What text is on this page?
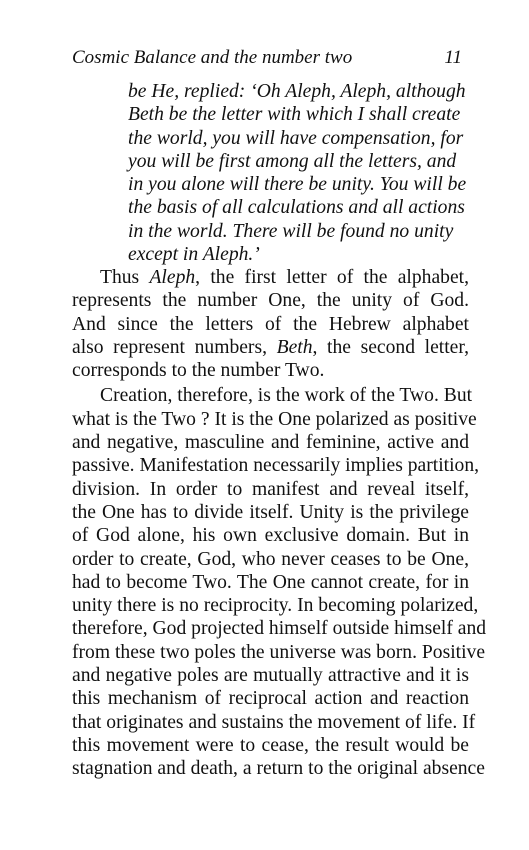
Cosmic Balance and the number two	11
be He, replied: ‘Oh Aleph, Aleph, although
Beth be the letter with which I shall create
the world, you will have compensation, for
you will be first among all the letters, and
in you alone will there be unity. You will be
the basis of all calculations and all actions
in the world. There will be found no unity
except in Aleph.’
Thus Aleph, the first letter of the alphabet,
represents the number One, the unity of God.
And since the letters of the Hebrew alphabet
also represent numbers, Beth, the second letter,
corresponds to the number Two.
Creation, therefore, is the work of the Two. But
what is the Two ? It is the One polarized as positive
and negative, masculine and feminine, active and
passive. Manifestation necessarily implies partition,
division. In order to manifest and reveal itself,
the One has to divide itself. Unity is the privilege
of God alone, his own exclusive domain. But in
order to create, God, who never ceases to be One,
had to become Two. The One cannot create, for in
unity there is no reciprocity. In becoming polarized,
therefore, God projected himself outside himself and
from these two poles the universe was born. Positive
and negative poles are mutually attractive and it is
this mechanism of reciprocal action and reaction
that originates and sustains the movement of life. If
this movement were to cease, the result would be
stagnation and death, a return to the original absence
